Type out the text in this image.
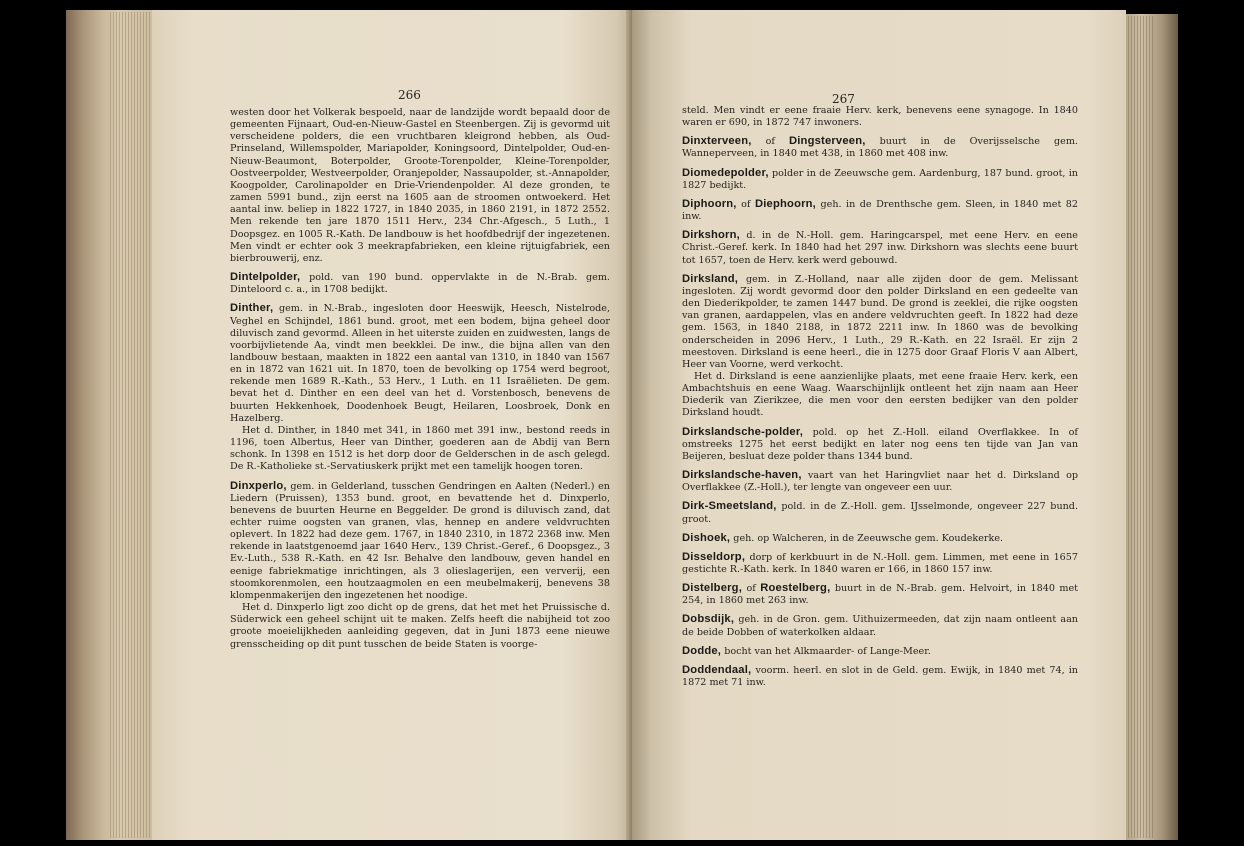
266

westen door het Volkerak bespoeld, naar de landzijde wordt bepaald door de gemeenten Fijnaart, Oud-en-Nieuw-Gastel en Steenbergen. Zij is gevormd uit verscheidene polders, die een vruchtbaren kleigrond hebben, als Oud-Prinseland, Willemspolder, Mariapolder, Koningsoord, Dintelpolder, Oud-en-Nieuw-Beaumont, Boterpolder, Groote-Torenpolder, Kleine-Torenpolder, Oostveerpolder, Westveerpolder, Oranjepolder, Nassaupolder, st.-Annapolder, Koogpolder, Carolinapolder en Drie-Vriendenpolder. Al deze gronden, te zamen 5991 bund., zijn eerst na 1605 aan de stroomen ontwoekerd. Het aantal inw. beliep in 1822 1727, in 1840 2035, in 1860 2191, in 1872 2552. Men rekende ten jare 1870 1511 Herv., 234 Chr.-Afgesch., 5 Luth., 1 Doopsgez. en 1005 R.-Kath. De landbouw is het hoofdbedrijf der ingezetenen. Men vindt er echter ook 3 meekrapfabrieken, een kleine rijtuigfabriek, een bierbrouwerij, enz.

Dintelpolder, pold. van 190 bund. oppervlakte in de N.-Brab. gem. Dinteloord c. a., in 1708 bedijkt.

Dinther, gem. in N.-Brab., ingesloten door Heeswijk, Heesch, Nistelrode, Veghel en Schijndel, 1861 bund. groot, met een bodem, bijna geheel door diluvisch zand gevormd. Alleen in het uiterste zuiden en zuidwesten, langs de voorbijvlietende Aa, vindt men beekklei. De inw., die bijna allen van den landbouw bestaan, maakten in 1822 een aantal van 1310, in 1840 van 1567 en in 1872 van 1621 uit. In 1870, toen de bevolking op 1754 werd begroot, rekende men 1689 R.-Kath., 53 Herv., 1 Luth. en 11 Israëlieten. De gem. bevat het d. Dinther en een deel van het d. Vorstenbosch, benevens de buurten Hekkenhoek, Doodenhoek Beugt, Heilaren, Loosbroek, Donk en Hazelberg.

Het d. Dinther, in 1840 met 341, in 1860 met 391 inw., bestond reeds in 1196, toen Albertus, Heer van Dinther, goederen aan de Abdij van Bern schonk. In 1398 en 1512 is het dorp door de Gelderschen in de asch gelegd. De R.-Katholieke st.-Servatiuskerk prijkt met een tamelijk hoogen toren.

Dinxperlo, gem. in Gelderland, tusschen Gendringen en Aalten (Nederl.) en Liedern (Pruissen), 1353 bund. groot, en bevattende het d. Dinxperlo, benevens de buurten Heurne en Beggelder. De grond is diluvisch zand, dat echter ruime oogsten van granen, vlas, hennep en andere veldvruchten oplevert. In 1822 had deze gem. 1767, in 1840 2310, in 1872 2368 inw. Men rekende in laatstgenoemd jaar 1640 Herv., 139 Christ.-Geref., 6 Doopsgez., 3 Ev.-Luth., 538 R.-Kath. en 42 Isr. Behalve den landbouw, geven handel en eenige fabriekmatige inrichtingen, als 3 olieslagerijen, een ververij, een stoomkorenmolen, een houtzaagmolen en een meubelmakerij, benevens 38 klompenmakerijen den ingezetenen het noodige.

Het d. Dinxperlo ligt zoo dicht op de grens, dat het met het Pruissische d. Süderwick een geheel schijnt uit te maken. Zelfs heeft die nabijheid tot zoo groote moeielijkheden aanleiding gegeven, dat in Juni 1873 eene nieuwe grensscheiding op dit punt tusschen de beide Staten is voorge-

267

steld. Men vindt er eene fraaie Herv. kerk, benevens eene synagoge. In 1840 waren er 690, in 1872 747 inwoners.

Dinxterveen, of Dingsterveen, buurt in de Overijsselsche gem. Wanneperveen, in 1840 met 438, in 1860 met 408 inw.

Diomedepolder, polder in de Zeeuwsche gem. Aardenburg, 187 bund. groot, in 1827 bedijkt.

Diphoorn, of Diephoorn, geh. in de Drenthsche gem. Sleen, in 1840 met 82 inw.

Dirkshorn, d. in de N.-Holl. gem. Haringcarspel, met eene Herv. en eene Christ.-Geref. kerk. In 1840 had het 297 inw. Dirkshorn was slechts eene buurt tot 1657, toen de Herv. kerk werd gebouwd.

Dirksland, gem. in Z.-Holland, naar alle zijden door de gem. Melissant ingesloten. Zij wordt gevormd door den polder Dirksland en een gedeelte van den Diederikpolder, te zamen 1447 bund. De grond is zeeklei, die rijke oogsten van granen, aardappelen, vlas en andere veldvruchten geeft. In 1822 had deze gem. 1563, in 1840 2188, in 1872 2211 inw. In 1860 was de bevolking onderscheiden in 2096 Herv., 1 Luth., 29 R.-Kath. en 22 Israël. Er zijn 2 meestoven. Dirksland is eene heerl., die in 1275 door Graaf Floris V aan Albert, Heer van Voorne, werd verkocht.

Het d. Dirksland is eene aanzienlijke plaats, met eene fraaie Herv. kerk, een Ambachtshuis en eene Waag. Waarschijnlijk ontleent het zijn naam aan Heer Diederik van Zierikzee, die men voor den eersten bedijker van den polder Dirksland houdt.

Dirkslandsche-polder, pold. op het Z.-Holl. eiland Overflakkee. In of omstreeks 1275 het eerst bedijkt en later nog eens ten tijde van Jan van Beijeren, besluat deze polder thans 1344 bund.

Dirkslandsche-haven, vaart van het Haringvliet naar het d. Dirksland op Overflakkee (Z.-Holl.), ter lengte van ongeveer een uur.

Dirk-Smeetsland, pold. in de Z.-Holl. gem. IJsselmonde, ongeveer 227 bund. groot.

Dishoek, geh. op Walcheren, in de Zeeuwsche gem. Koudekerke.

Disseldorp, dorp of kerkbuurt in de N.-Holl. gem. Limmen, met eene in 1657 gestichte R.-Kath. kerk. In 1840 waren er 166, in 1860 157 inw.

Distelberg, of Roestelberg, buurt in de N.-Brab. gem. Helvoirt, in 1840 met 254, in 1860 met 263 inw.

Dobsdijk, geh. in de Gron. gem. Uithuizermeeden, dat zijn naam ontleent aan de beide Dobben of waterkolken aldaar.

Dodde, bocht van het Alkmaarder- of Lange-Meer.

Doddendaal, voorm. heerl. en slot in de Geld. gem. Ewijk, in 1840 met 74, in 1872 met 71 inw.
